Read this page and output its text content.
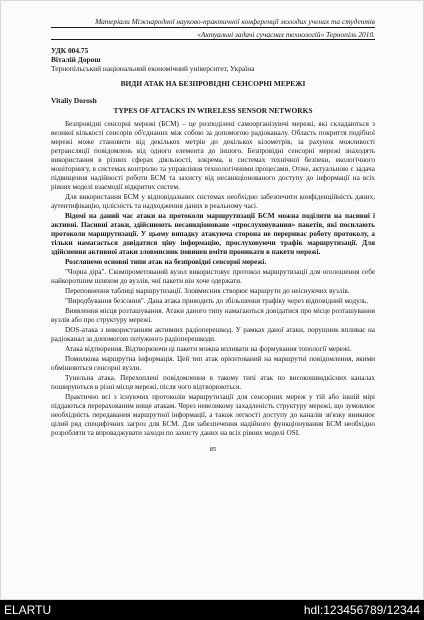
Матеріали Міжнародної науково-практичної конференції молодих учених та студентів
«Актуальні задачі сучасних технологій» Тернопіль 2010.
УДК 004.75
Віталій Дорош
Тернопільський національний економічний університет, Україна
ВИДИ АТАК НА БЕЗПРОВІДНІ СЕНСОРНІ МЕРЕЖІ
Vitaliy Dorosh
TYPES OF ATTACKS IN WIRELESS SENSOR NETWORKS

Безпровідні сенсорні мережі (БСМ) – це розподілені самоорганізуючі мережі, які складаються з великої кількості сенсорів об'єднаних між собою за допомогою радіоканалу. Область покриття подібної мережі може становити від декількох метрів до декількох кілометрів, за рахунок можливості ретрансляції повідомлень від одного елемента до іншого. Безпровідні сенсорні мережі знаходять використання в різних сферах діяльності, зокрема, в системах технічної безпеки, екологічного моніторингу, в системах контролю та управління технологічними процесами. Отже, актуальною є задача підвищення надійності роботи БСМ та захисту від несанкціонованого доступу до інформації на всіх рівнях моделі взаємодії відкритих систем.

Для використання БСМ у відповідальних системах необхідно забезпечити конфіденційність даних, аутентифікацію, цілісність та надходження даних в реальному часі.

Відомі на даний час атаки на протоколи маршрутизації БСМ можна поділити на пасивні і активні. Пасивні атаки, здійснюють несанкціоноване «прослуховування» пакетів, які посилають протоколи маршрутизації. У цьому випадку атакуюча сторона не перериває роботу протоколу, а тільки намагається довідатися ціну інформацію, прослуховуючи трафік маршрутизації. Для здійснення активної атаки зловмисник повинен вміти проникати в пакети мережі.

Розглянемо основні типи атак на безпровідні сенсорні мережі.

"Чорна діра". Скомпрометований вузол використовує протокол маршрутизації для оголошення себе найкоротшим шляхом до вузлів, чиї пакети він хоче одержати.

Переповнення таблиці маршрутизації. Зловмисник створює маршрути до неіснуючих вузлів.

"Виродбування безсоння". Дана атака приводить до збільшення трафіку через відповідний модуль.

Виявлення місця розташування. Атаки даного типу намагаються довідатися про місце розташування вузлів або про структуру мережі.

DOS-атака з використанням активних радіоперешкод. У рамках даної атаки, порушник впливає на радіоканал за допомогою потужного радіоперешкоди.

Атака відтворення. Відтворюючи ці пакети можна впливати на формування топології мережі.

Помилкова маршрутна інформація. Цей тип атак орієнтований на маршрутні повідомлення, якими обмінюються сенсорні вузли.

Тунельна атака. Перехоплені повідомлення в такому типі атак по високошвидкісних каналах пошируються в різні місця мережі, після чого відтворюються.

Практично всі з існуючих протоколів маршрутизації для сенсорних мереж у тій або іншій мірі піддаються перерахованим вище атакам. Через невеликому захадленість структуру мережі, що зумовлює необхідність передавання маршрутної інформації, а також легкості доступу до каналів зв'язку вникнює цілий ряд специфічних загроз для БСМ. Для забезпечення надійного функціонування БСМ необхідно розробляти та впроваджувати заходи по захисту даних на всіх рівнях моделі OSI.

85
ELARTU	hdl:123456789/12344
